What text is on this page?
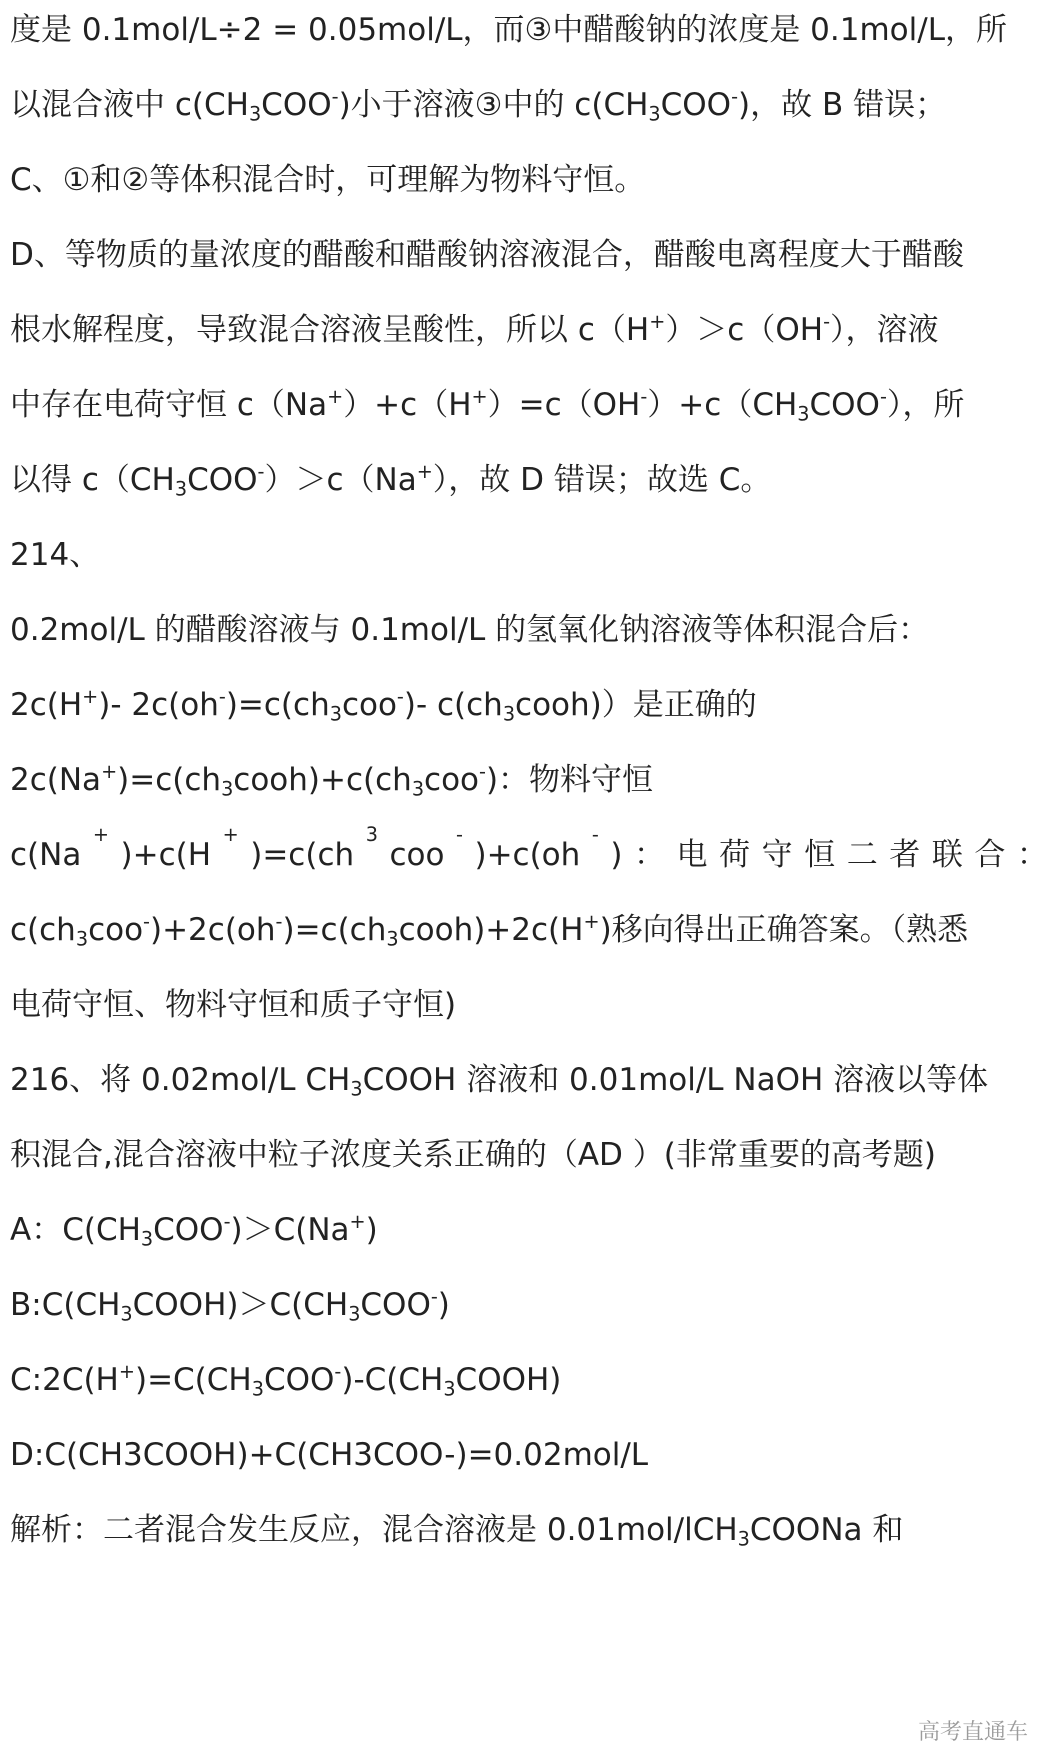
度是 0.1mol/L÷2 = 0.05mol/L，而③中醋酸钠的浓度是 0.1mol/L，所
以混合液中 $c(CH_3COO^-)$小于溶液③中的 $c(CH_3COO^-)$，故 B 错误；
C、①和②等体积混合时，可理解为物料守恒。
D、等物质的量浓度的醋酸和醋酸钠溶液混合，醋酸电离程度大于醋酸
根水解程度，导致混合溶液呈酸性，所以 c（H+）＞c（OH-），溶液
中存在电荷守恒 $c(Na^+)+c(H^+)=c(OH^-)+c(CH_3COO^-)$，所
以得 $c(CH_3COO^-)>c(Na^+)$，故 D 错误；故选 C。
214、
0.2mol/L 的醋酸溶液与 0.1mol/L 的氢氧化钠溶液等体积混合后：
2c(H+)- $2c(oh^-)=c(ch_3coo^-)-$ $c(ch_3cooh)$）是正确的
$2c(Na^+)=c(ch_3cooh)+c(ch_3coo^-)$：物料守恒
c(Na
+
)+c(H
+
)=c(ch
3
coo
-
)+c(oh
-
) ： 电 荷 守 恒 二 者 联 合 ：
$c(ch_3coo^-)+2c(oh^-)=c(ch_3cooh)+2c(H^+)$移向得出正确答案。（熟悉
电荷守恒、物料守恒和质子守恒)
216、将 0.02mol/L $CH_3COOH$ 溶液和 0.01mol/L NaOH 溶液以等体
积混合,混合溶液中粒子浓度关系正确的（AD ）(非常重要的高考题)
A：$C(CH_3COO^-)>C(Na^+)$
$B:C(CH_3COOH)>C(CH_3COO^-)$
$C:2C(H^+)=C(CH_3COO^-)-C(CH_3COOH)$
D:C(CH3COOH)+C(CH3COO-)=0.02mol/L
解析：二者混合发生反应，混合溶液是 0.01mol/lCH$_3$COONa 和
高考直通车
